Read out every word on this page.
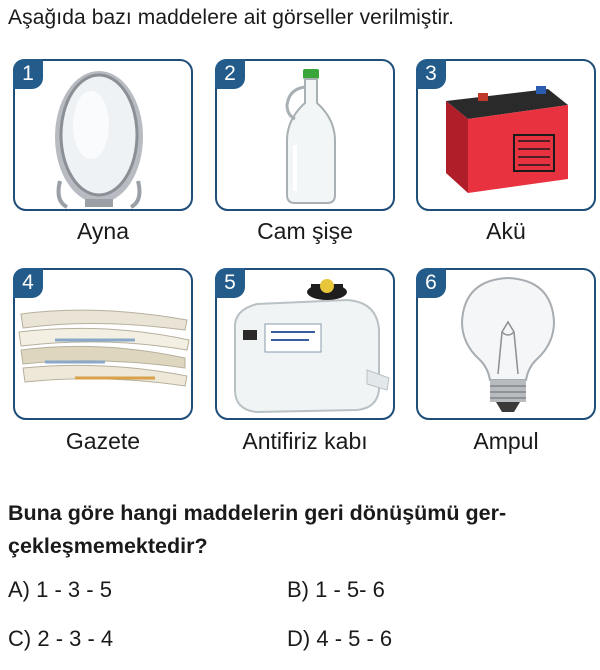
Aşağıda bazı maddelere ait görseller verilmiştir.
1
Ayna
2
Cam şişe
3
Akü
4
Gazete
5
Antifiriz kabı
6
Ampul
Buna göre hangi maddelerin geri dönüşümü ger-
çekleşmemektedir?
A) 1 - 3 - 5	B) 1 - 5- 6
C) 2 - 3 - 4	D) 4 - 5 - 6
